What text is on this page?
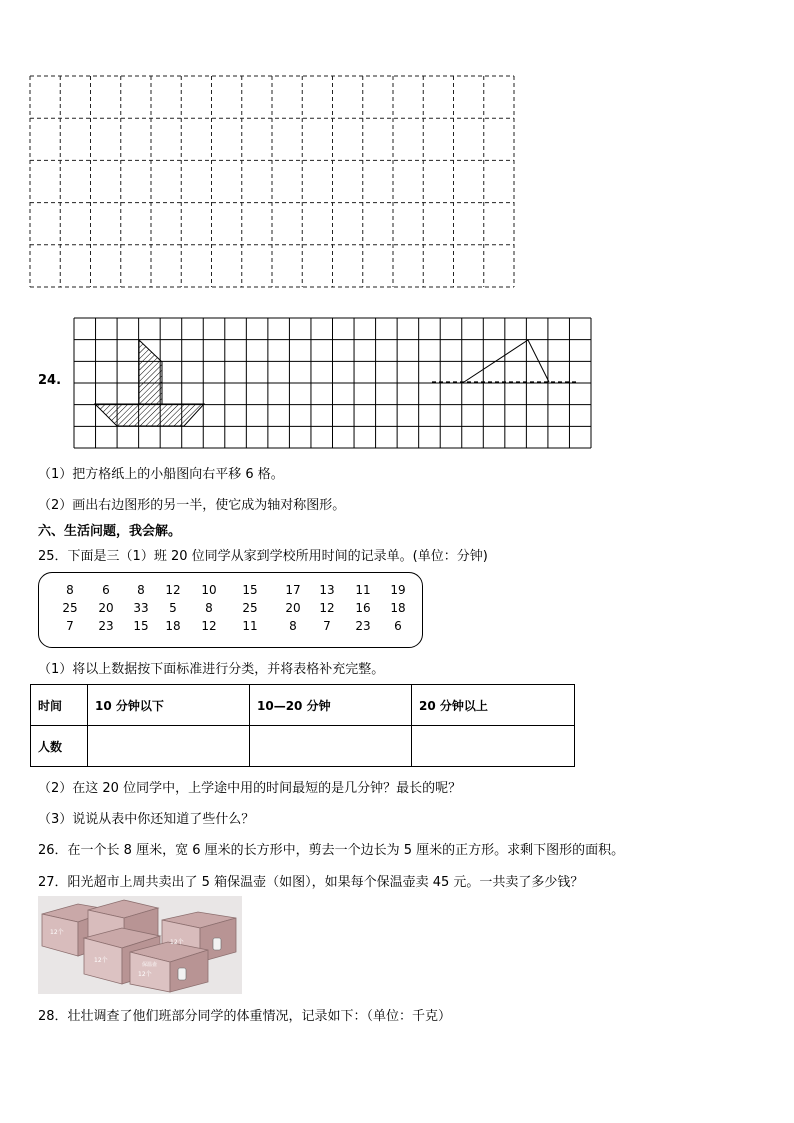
24.
（1）把方格纸上的小船图向右平移 6 格。
（2）画出右边图形的另一半，使它成为轴对称图形。
六、生活问题，我会解。
25．下面是三（1）班 20 位同学从家到学校所用时间的记录单。(单位：分钟)
8	6	8	12	10	15	17	13	11	19
25	20	33	5	8	25	20	12	16	18
7	23	15	18	12	11	8	7	23	6
（1）将以上数据按下面标准进行分类，并将表格补充完整。
时间	10 分钟以下	10—20 分钟	20 分钟以上
人数			
（2）在这 20 位同学中，上学途中用的时间最短的是几分钟？最长的呢？
（3）说说从表中你还知道了些什么？
26．在一个长 8 厘米，宽 6 厘米的长方形中，剪去一个边长为 5 厘米的正方形。求剩下图形的面积。
27．阳光超市上周共卖出了 5 箱保温壶（如图），如果每个保温壶卖 45 元。一共卖了多少钱？
12个
12个
12个
12个
保温壶
28．壮壮调查了他们班部分同学的体重情况，记录如下：（单位：千克）
